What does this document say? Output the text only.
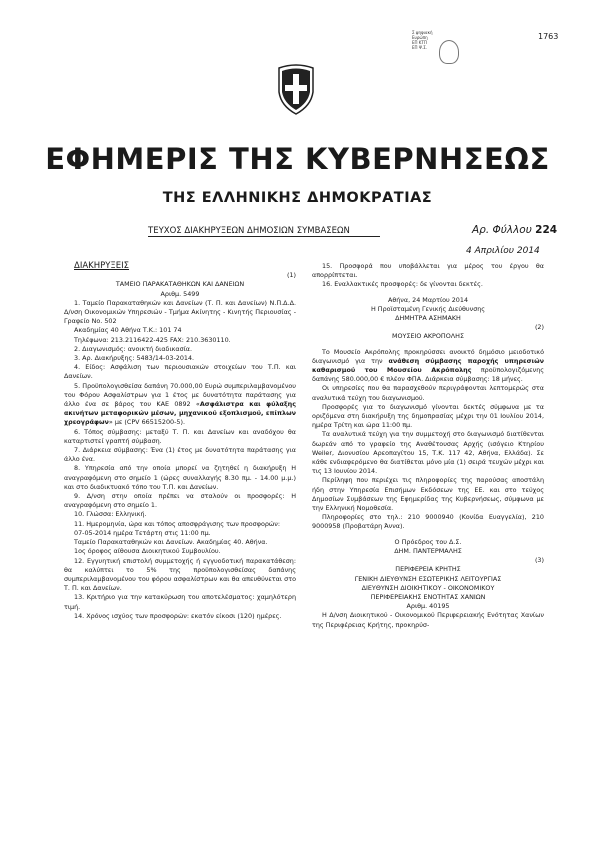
Σ ψηφιακή
Ευρώπη
ΕΠ ΚΤΠ
ΕΠ Ψ.Σ.
1763
ΕΦΗΜΕΡΙΣ ΤΗΣ ΚΥΒΕΡΝΗΣΕΩΣ
ΤΗΣ ΕΛΛΗΝΙΚΗΣ ΔΗΜΟΚΡΑΤΙΑΣ
ΤΕΥΧΟΣ ΔΙΑΚΗΡΥΞΕΩΝ ΔΗΜΟΣΙΩΝ ΣΥΜΒΑΣΕΩΝ	Αρ. Φύλλου 224
4 Απριλίου 2014

ΔΙΑΚΗΡΥΞΕΙΣ

(1)

ΤΑΜΕΙΟ ΠΑΡΑΚΑΤΑΘΗΚΩΝ ΚΑΙ ΔΑΝΕΙΩΝ

Αριθμ. 5499

1. Ταμείο Παρακαταθηκών και Δανείων (Τ. Π. και Δανείων) Ν.Π.Δ.Δ. Δ/νση Οικονομικών Υπηρεσιών - Τμήμα Ακίνητης - Κινητής Περιουσίας - Γραφείο Νο. 502

Ακαδημίας 40 Αθήνα Τ.Κ.: 101 74

Τηλέφωνα: 213.2116422-425 FAX: 210.3630110.

2. Διαγωνισμός: ανοικτή διαδικασία.

3. Αρ. Διακήρυξης: 5483/14-03-2014.

4. Είδος: Ασφάλιση των περιουσιακών στοιχείων του Τ.Π. και Δανείων.

5. Προϋπολογισθείσα δαπάνη 70.000,00 Ευρώ συμπεριλαμβανομένου του Φόρου Ασφαλίστρων για 1 έτος με δυνατότητα παράτασης για άλλο ένα σε βάρος του ΚΑΕ 0892 «Ασφάλιστρα και φύλαξης ακινήτων μεταφορικών μέσων, μηχανικού εξοπλισμού, επίπλων χρεογράφων» με (CPV 66515200-5).

6. Τόπος σύμβασης: μεταξύ Τ. Π. και Δανείων και αναδόχου θα καταρτιστεί γραπτή σύμβαση.

7. Διάρκεια σύμβασης: Ένα (1) έτος με δυνατότητα παράτασης για άλλο ένα.

8. Υπηρεσία από την οποία μπορεί να ζητηθεί η διακήρυξη Η αναγραφόμενη στο σημείο 1 (ώρες συναλλαγής 8.30 πμ. - 14.00 μ.μ.) και στο διαδικτυακό τόπο του Τ.Π. και Δανείων.

9. Δ/νση στην οποία πρέπει να σταλούν οι προσφορές: Η αναγραφόμενη στο σημείο 1.

10. Γλώσσα: Ελληνική.

11. Ημερομηνία, ώρα και τόπος αποσφράγισης των προσφορών:

07-05-2014 ημέρα Τετάρτη στις 11:00 πμ.

Ταμείο Παρακαταθηκών και Δανείων. Ακαδημίας 40. Αθήνα.

1ος όροφος αίθουσα Διοικητικού Συμβουλίου.

12. Εγγυητική επιστολή συμμετοχής ή εγγυοδοτική παρακατάθεση: θα καλύπτει το 5% της προϋπολογισθείσας δαπάνης συμπεριλαμβανομένου του φόρου ασφαλίστρων και θα απευθύνεται στο Τ. Π. και Δανείων.

13. Κριτήριο για την κατακύρωση του αποτελέσματος: χαμηλότερη τιμή.

14. Χρόνος ισχύος των προσφορών: εκατόν είκοσι (120) ημέρες.

15. Προσφορά που υποβάλλεται για μέρος του έργου θα απορρίπτεται.

16. Εναλλακτικές προσφορές: δε γίνονται δεκτές.

Αθήνα, 24 Μαρτίου 2014

Η Προϊσταμένη Γενικής Διεύθυνσης

ΔΗΜΗΤΡΑ ΑΣΗΜΑΚΗ

(2)

ΜΟΥΣΕΙΟ ΑΚΡΟΠΟΛΗΣ

Το Μουσείο Ακρόπολης προκηρύσσει ανοικτό δημόσιο μειοδοτικό διαγωνισμό για την ανάθεση σύμβασης παροχής υπηρεσιών καθαρισμού του Μουσείου Ακρόπολης προϋπολογιζόμενης δαπάνης 580.000,00 € πλέον ΦΠΑ. Διάρκεια σύμβασης: 18 μήνες.

Οι υπηρεσίες που θα παρασχεθούν περιγράφονται λεπτομερώς στα αναλυτικά τεύχη του διαγωνισμού.

Προσφορές για το διαγωνισμό γίνονται δεκτές σύμφωνα με τα οριζόμενα στη διακήρυξη της δημοπρασίας μέχρι την 01 Ιουλίου 2014, ημέρα Τρίτη και ώρα 11:00 πμ.

Τα αναλυτικά τεύχη για την συμμετοχή στο διαγωνισμό διατίθενται δωρεάν από το γραφείο της Αναθέτουσας Αρχής (ισόγειο Κτηρίου Weiler, Διονυσίου Αρεοπαγίτου 15, Τ.Κ. 117 42, Αθήνα, Ελλάδα). Σε κάθε ενδιαφερόμενο θα διατίθεται μόνο μία (1) σειρά τευχών μέχρι και τις 13 Ιουνίου 2014.

Περίληψη που περιέχει τις πληροφορίες της παρούσας αποστάλη ήδη στην Υπηρεσία Επισήμων Εκδόσεων της ΕΕ. και στο τεύχος Δημοσίων Συμβάσεων της Εφημερίδας της Κυβερνήσεως, σύμφωνα με την Ελληνική Νομοθεσία.

Πληροφορίες στο τηλ.: 210 9000940 (Κονίδα Ευαγγελία), 210 9000958 (Προβατάρη Άννα).

Ο Πρόεδρος του Δ.Σ.

ΔΗΜ. ΠΑΝΤΕΡΜΑΛΗΣ

(3)

ΠΕΡΙΦΕΡΕΙΑ ΚΡΗΤΗΣ

ΓΕΝΙΚΗ ΔΙΕΥΘΥΝΣΗ ΕΣΩΤΕΡΙΚΗΣ ΛΕΙΤΟΥΡΓΙΑΣ

ΔΙΕΥΘΥΝΣΗ ΔΙΟΙΚΗΤΙΚΟΥ - ΟΙΚΟΝΟΜΙΚΟΥ

ΠΕΡΙΦΕΡΕΙΑΚΗΣ ΕΝΟΤΗΤΑΣ ΧΑΝΙΩΝ

Αριθμ. 40195

Η Δ/νση Διοικητικού - Οικονομικού Περιφερειακής Ενότητας Χανίων της Περιφέρειας Κρήτης, προκηρύσ-
